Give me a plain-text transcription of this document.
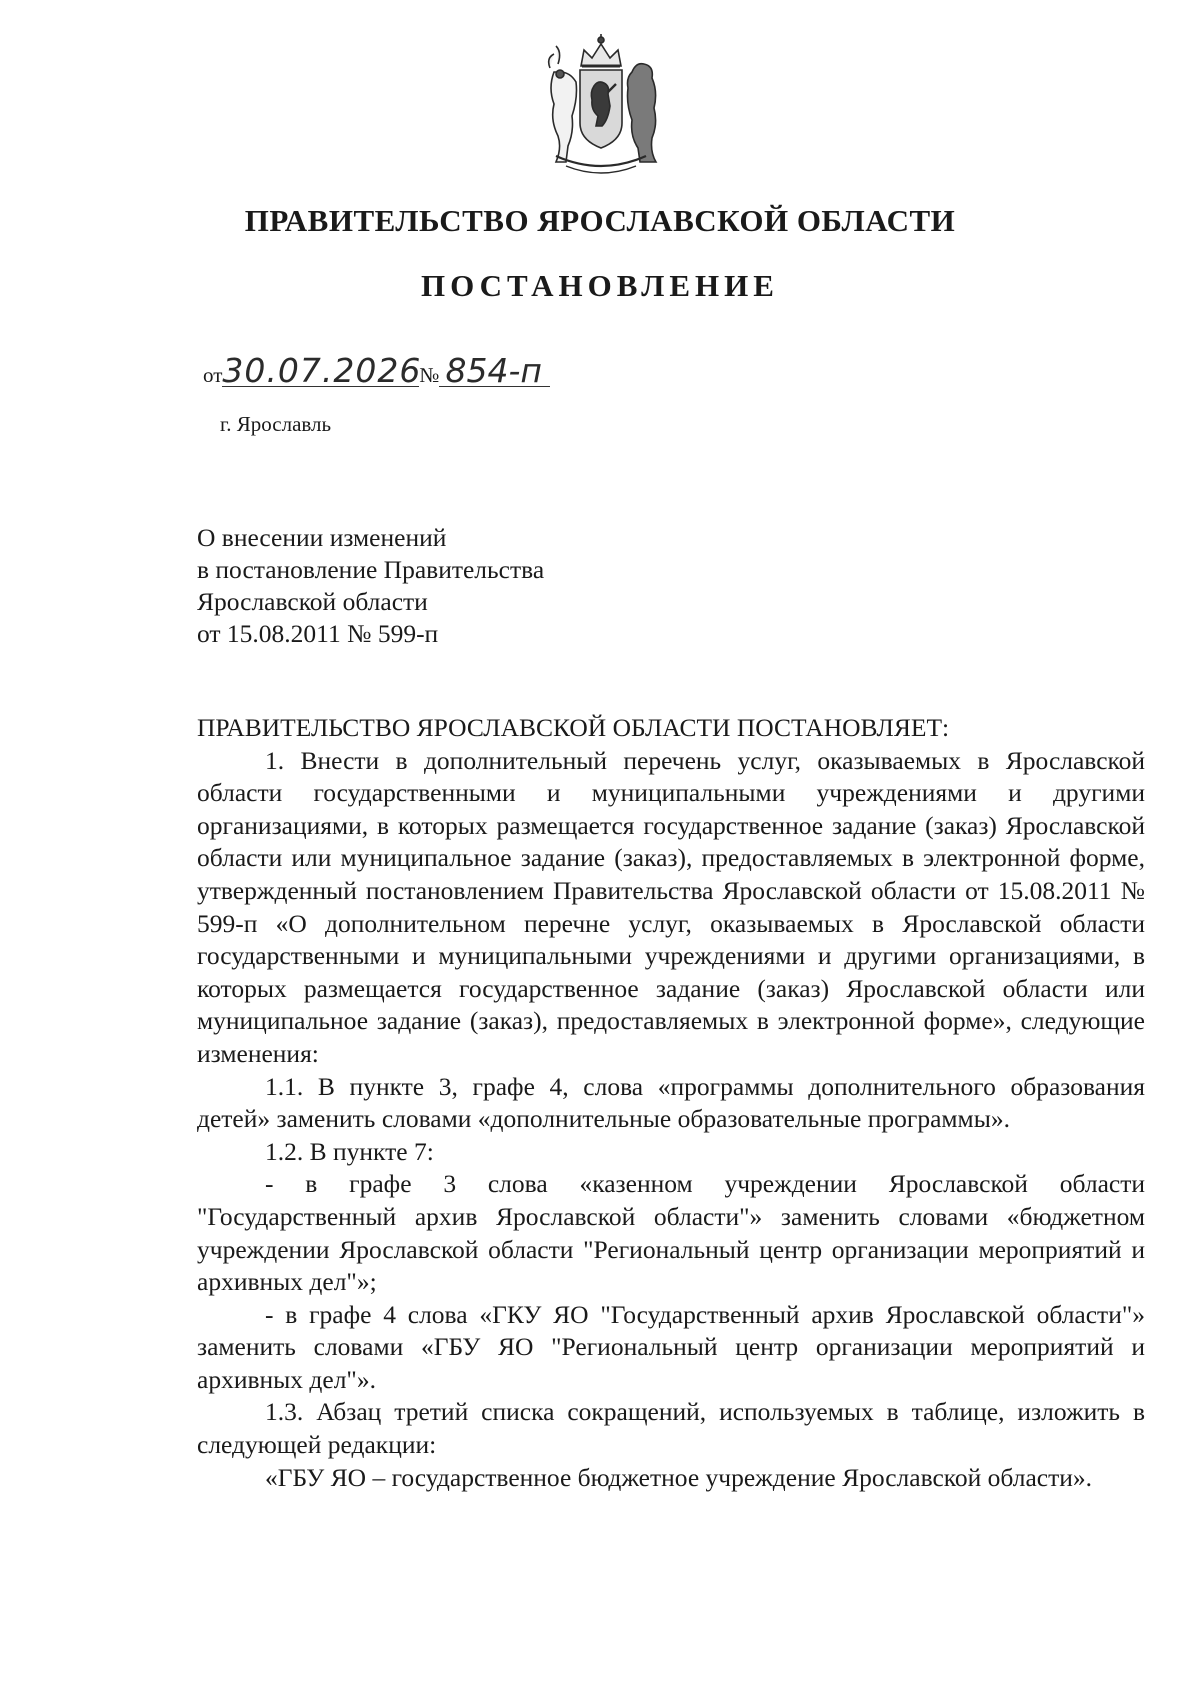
ПРАВИТЕЛЬСТВО ЯРОСЛАВСКОЙ ОБЛАСТИ
ПОСТАНОВЛЕНИЕ
от30.07.2026№ 854-п
г. Ярославль
О внесении изменений
в постановление Правительства
Ярославской области
от 15.08.2011 № 599-п

ПРАВИТЕЛЬСТВО ЯРОСЛАВСКОЙ ОБЛАСТИ ПОСТАНОВЛЯЕТ:

1. Внести в дополнительный перечень услуг, оказываемых в Ярославской области государственными и муниципальными учреждениями и другими организациями, в которых размещается государственное задание (заказ) Ярославской области или муниципальное задание (заказ), предоставляемых в электронной форме, утвержденный постановлением Правительства Ярославской области от 15.08.2011 № 599-п «О дополнительном перечне услуг, оказываемых в Ярославской области государственными и муниципальными учреждениями и другими организациями, в которых размещается государственное задание (заказ) Ярославской области или муниципальное задание (заказ), предоставляемых в электронной форме», следующие изменения:

1.1. В пункте 3, графе 4, слова «программы дополнительного образования детей» заменить словами «дополнительные образовательные программы».

1.2. В пункте 7:

- в графе 3 слова «казенном учреждении Ярославской области "Государственный архив Ярославской области"» заменить словами «бюджетном учреждении Ярославской области "Региональный центр организации мероприятий и архивных дел"»;

- в графе 4 слова «ГКУ ЯО "Государственный архив Ярославской области"» заменить словами «ГБУ ЯО "Региональный центр организации мероприятий и архивных дел"».

1.3. Абзац третий списка сокращений, используемых в таблице, изложить в следующей редакции:

«ГБУ ЯО – государственное бюджетное учреждение Ярославской области».
